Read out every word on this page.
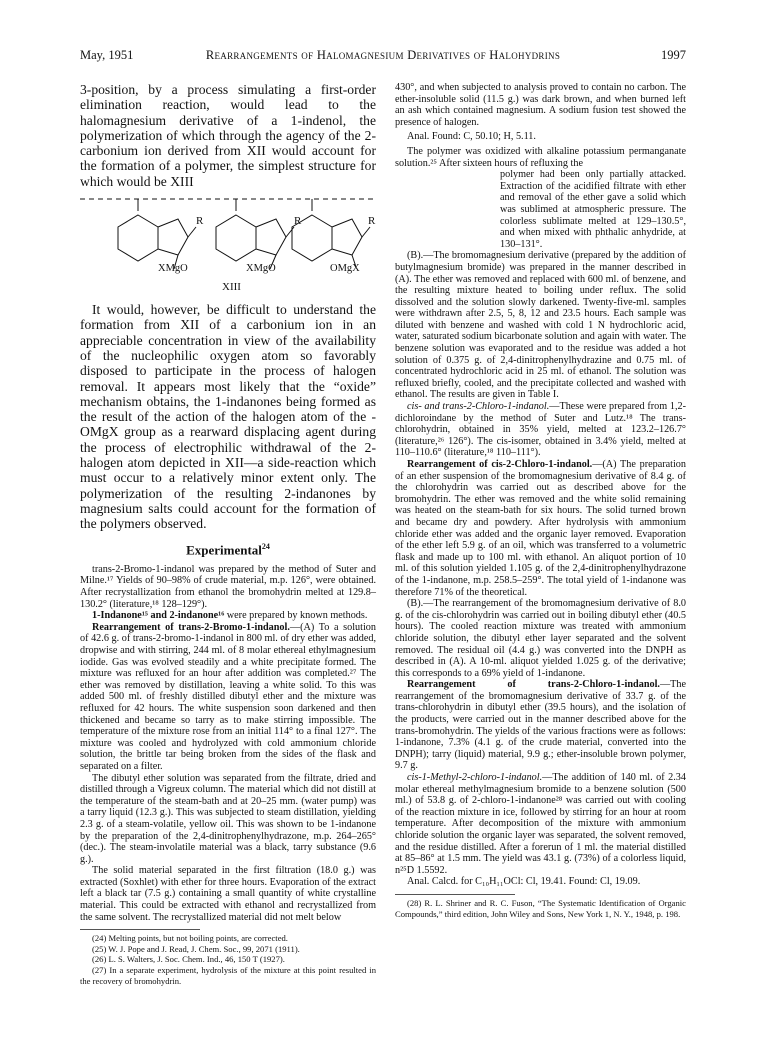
May, 1951	Rearrangements of Halomagnesium Derivatives of Halohydrins	1997

3-position, by a process simulating a first-order elimination reaction, would lead to the halomagnesium derivative of a 1-indenol, the polymerization of which through the agency of the 2-carbonium ion derived from XII would account for the formation of a polymer, the simplest structure for which would be XIII

R	R	R
XMgO	XMgO	OMgX
XIII

It would, however, be difficult to understand the formation from XII of a carbonium ion in an appreciable concentration in view of the availability of the nucleophilic oxygen atom so favorably disposed to participate in the process of halogen removal. It appears most likely that the “oxide” mechanism obtains, the 1-indanones being formed as the result of the action of the halogen atom of the -OMgX group as a rearward displacing agent during the process of electrophilic withdrawal of the 2-halogen atom depicted in XII—a side-reaction which must occur to a relatively minor extent only. The polymerization of the resulting 2-indanones by magnesium salts could account for the formation of the polymers observed.

Experimental$^{24}$

trans-2-Bromo-1-indanol was prepared by the method of Suter and Milne.¹⁷ Yields of 90–98% of crude material, m.p. 126°, were obtained. After recrystallization from ethanol the bromohydrin melted at 129.8–130.2° (literature,¹⁸ 128–129°).

1-Indanone¹⁵ and 2-indanone¹⁶ were prepared by known methods.

Rearrangement of trans-2-Bromo-1-indanol.—(A) To a solution of 42.6 g. of trans-2-bromo-1-indanol in 800 ml. of dry ether was added, dropwise and with stirring, 244 ml. of 8 molar ethereal ethylmagnesium iodide. Gas was evolved steadily and a white precipitate formed. The mixture was refluxed for an hour after addition was completed.²⁷ The ether was removed by distillation, leaving a white solid. To this was added 500 ml. of freshly distilled dibutyl ether and the mixture was refluxed for 42 hours. The white suspension soon darkened and then thickened and became so tarry as to make stirring impossible. The temperature of the mixture rose from an initial 114° to a final 127°. The mixture was cooled and hydrolyzed with cold ammonium chloride solution, the brittle tar being broken from the sides of the flask and separated on a filter.

The dibutyl ether solution was separated from the filtrate, dried and distilled through a Vigreux column. The material which did not distill at the temperature of the steam-bath and at 20–25 mm. (water pump) was a tarry liquid (12.3 g.). This was subjected to steam distillation, yielding 2.3 g. of a steam-volatile, yellow oil. This was shown to be 1-indanone by the preparation of the 2,4-dinitrophenylhydrazone, m.p. 264–265° (dec.). The steam-involatile material was a black, tarry substance (9.6 g.).

The solid material separated in the first filtration (18.0 g.) was extracted (Soxhlet) with ether for three hours. Evaporation of the extract left a black tar (7.5 g.) containing a small quantity of white crystalline material. This could be extracted with ethanol and recrystallized from the same solvent. The recrystallized material did not melt below

(24) Melting points, but not boiling points, are corrected.

(25) W. J. Pope and J. Read, J. Chem. Soc., 99, 2071 (1911).

(26) L. S. Walters, J. Soc. Chem. Ind., 46, 150 T (1927).

(27) In a separate experiment, hydrolysis of the mixture at this point resulted in the recovery of bromohydrin.

430°, and when subjected to analysis proved to contain no carbon. The ether-insoluble solid (11.5 g.) was dark brown, and when burned left an ash which contained magnesium. A sodium fusion test showed the presence of halogen.

Anal. Found: C, 50.10; H, 5.11.

The polymer was oxidized with alkaline potassium permanganate solution.²⁵ After sixteen hours of refluxing the

polymer had been only partially attacked. Extraction of the acidified filtrate with ether and removal of the ether gave a solid which was sublimed at atmospheric pressure. The colorless sublimate melted at 129–130.5°, and when mixed with phthalic anhydride, at 130–131°.

(B).—The bromomagnesium derivative (prepared by the addition of butylmagnesium bromide) was prepared in the manner described in (A). The ether was removed and replaced with 600 ml. of benzene, and the resulting mixture heated to boiling under reflux. The solid dissolved and the solution slowly darkened. Twenty-five-ml. samples were withdrawn after 2.5, 5, 8, 12 and 23.5 hours. Each sample was diluted with benzene and washed with cold 1 N hydrochloric acid, water, saturated sodium bicarbonate solution and again with water. The benzene solution was evaporated and to the residue was added a hot solution of 0.375 g. of 2,4-dinitrophenylhydrazine and 0.75 ml. of concentrated hydrochloric acid in 25 ml. of ethanol. The solution was refluxed briefly, cooled, and the precipitate collected and washed with ethanol. The results are given in Table I.

cis- and trans-2-Chloro-1-indanol.—These were prepared from 1,2-dichloroindane by the method of Suter and Lutz.¹⁸ The trans-chlorohydrin, obtained in 35% yield, melted at 123.2–126.7° (literature,²⁶ 126°). The cis-isomer, obtained in 3.4% yield, melted at 110–110.6° (literature,¹⁸ 110–111°).

Rearrangement of cis-2-Chloro-1-indanol.—(A) The preparation of an ether suspension of the bromomagnesium derivative of 8.4 g. of the chlorohydrin was carried out as described above for the bromohydrin. The ether was removed and the white solid remaining was heated on the steam-bath for six hours. The solid turned brown and became dry and powdery. After hydrolysis with ammonium chloride ether was added and the organic layer removed. Evaporation of the ether left 5.9 g. of an oil, which was transferred to a volumetric flask and made up to 100 ml. with ethanol. An aliquot portion of 10 ml. of this solution yielded 1.105 g. of the 2,4-dinitrophenylhydrazone of the 1-indanone, m.p. 258.5–259°. The total yield of 1-indanone was therefore 71% of the theoretical.

(B).—The rearrangement of the bromomagnesium derivative of 8.0 g. of the cis-chlorohydrin was carried out in boiling dibutyl ether (40.5 hours). The cooled reaction mixture was treated with ammonium chloride solution, the dibutyl ether layer separated and the solvent removed. The residual oil (4.4 g.) was converted into the DNPH as described in (A). A 10-ml. aliquot yielded 1.025 g. of the derivative; this corresponds to a 69% yield of 1-indanone.

Rearrangement of trans-2-Chloro-1-indanol.—The rearrangement of the bromomagnesium derivative of 33.7 g. of the trans-chlorohydrin in dibutyl ether (39.5 hours), and the isolation of the products, were carried out in the manner described above for the trans-bromohydrin. The yields of the various fractions were as follows: 1-indanone, 7.3% (4.1 g. of the crude material, converted into the DNPH); tarry (liquid) material, 9.9 g.; ether-insoluble brown polymer, 9.7 g.

cis-1-Methyl-2-chloro-1-indanol.—The addition of 140 ml. of 2.34 molar ethereal methylmagnesium bromide to a benzene solution (500 ml.) of 53.8 g. of 2-chloro-1-indanone²⁸ was carried out with cooling of the reaction mixture in ice, followed by stirring for an hour at room temperature. After decomposition of the mixture with ammonium chloride solution the organic layer was separated, the solvent removed, and the residue distilled. After a forerun of 1 ml. the material distilled at 85–86° at 1.5 mm. The yield was 43.1 g. (73%) of a colorless liquid, n²⁵D 1.5592.

Anal. Calcd. for C₁₀H₁₁OCl: Cl, 19.41. Found: Cl, 19.09.

(28) R. L. Shriner and R. C. Fuson, “The Systematic Identification of Organic Compounds,” third edition, John Wiley and Sons, New York 1, N. Y., 1948, p. 198.
